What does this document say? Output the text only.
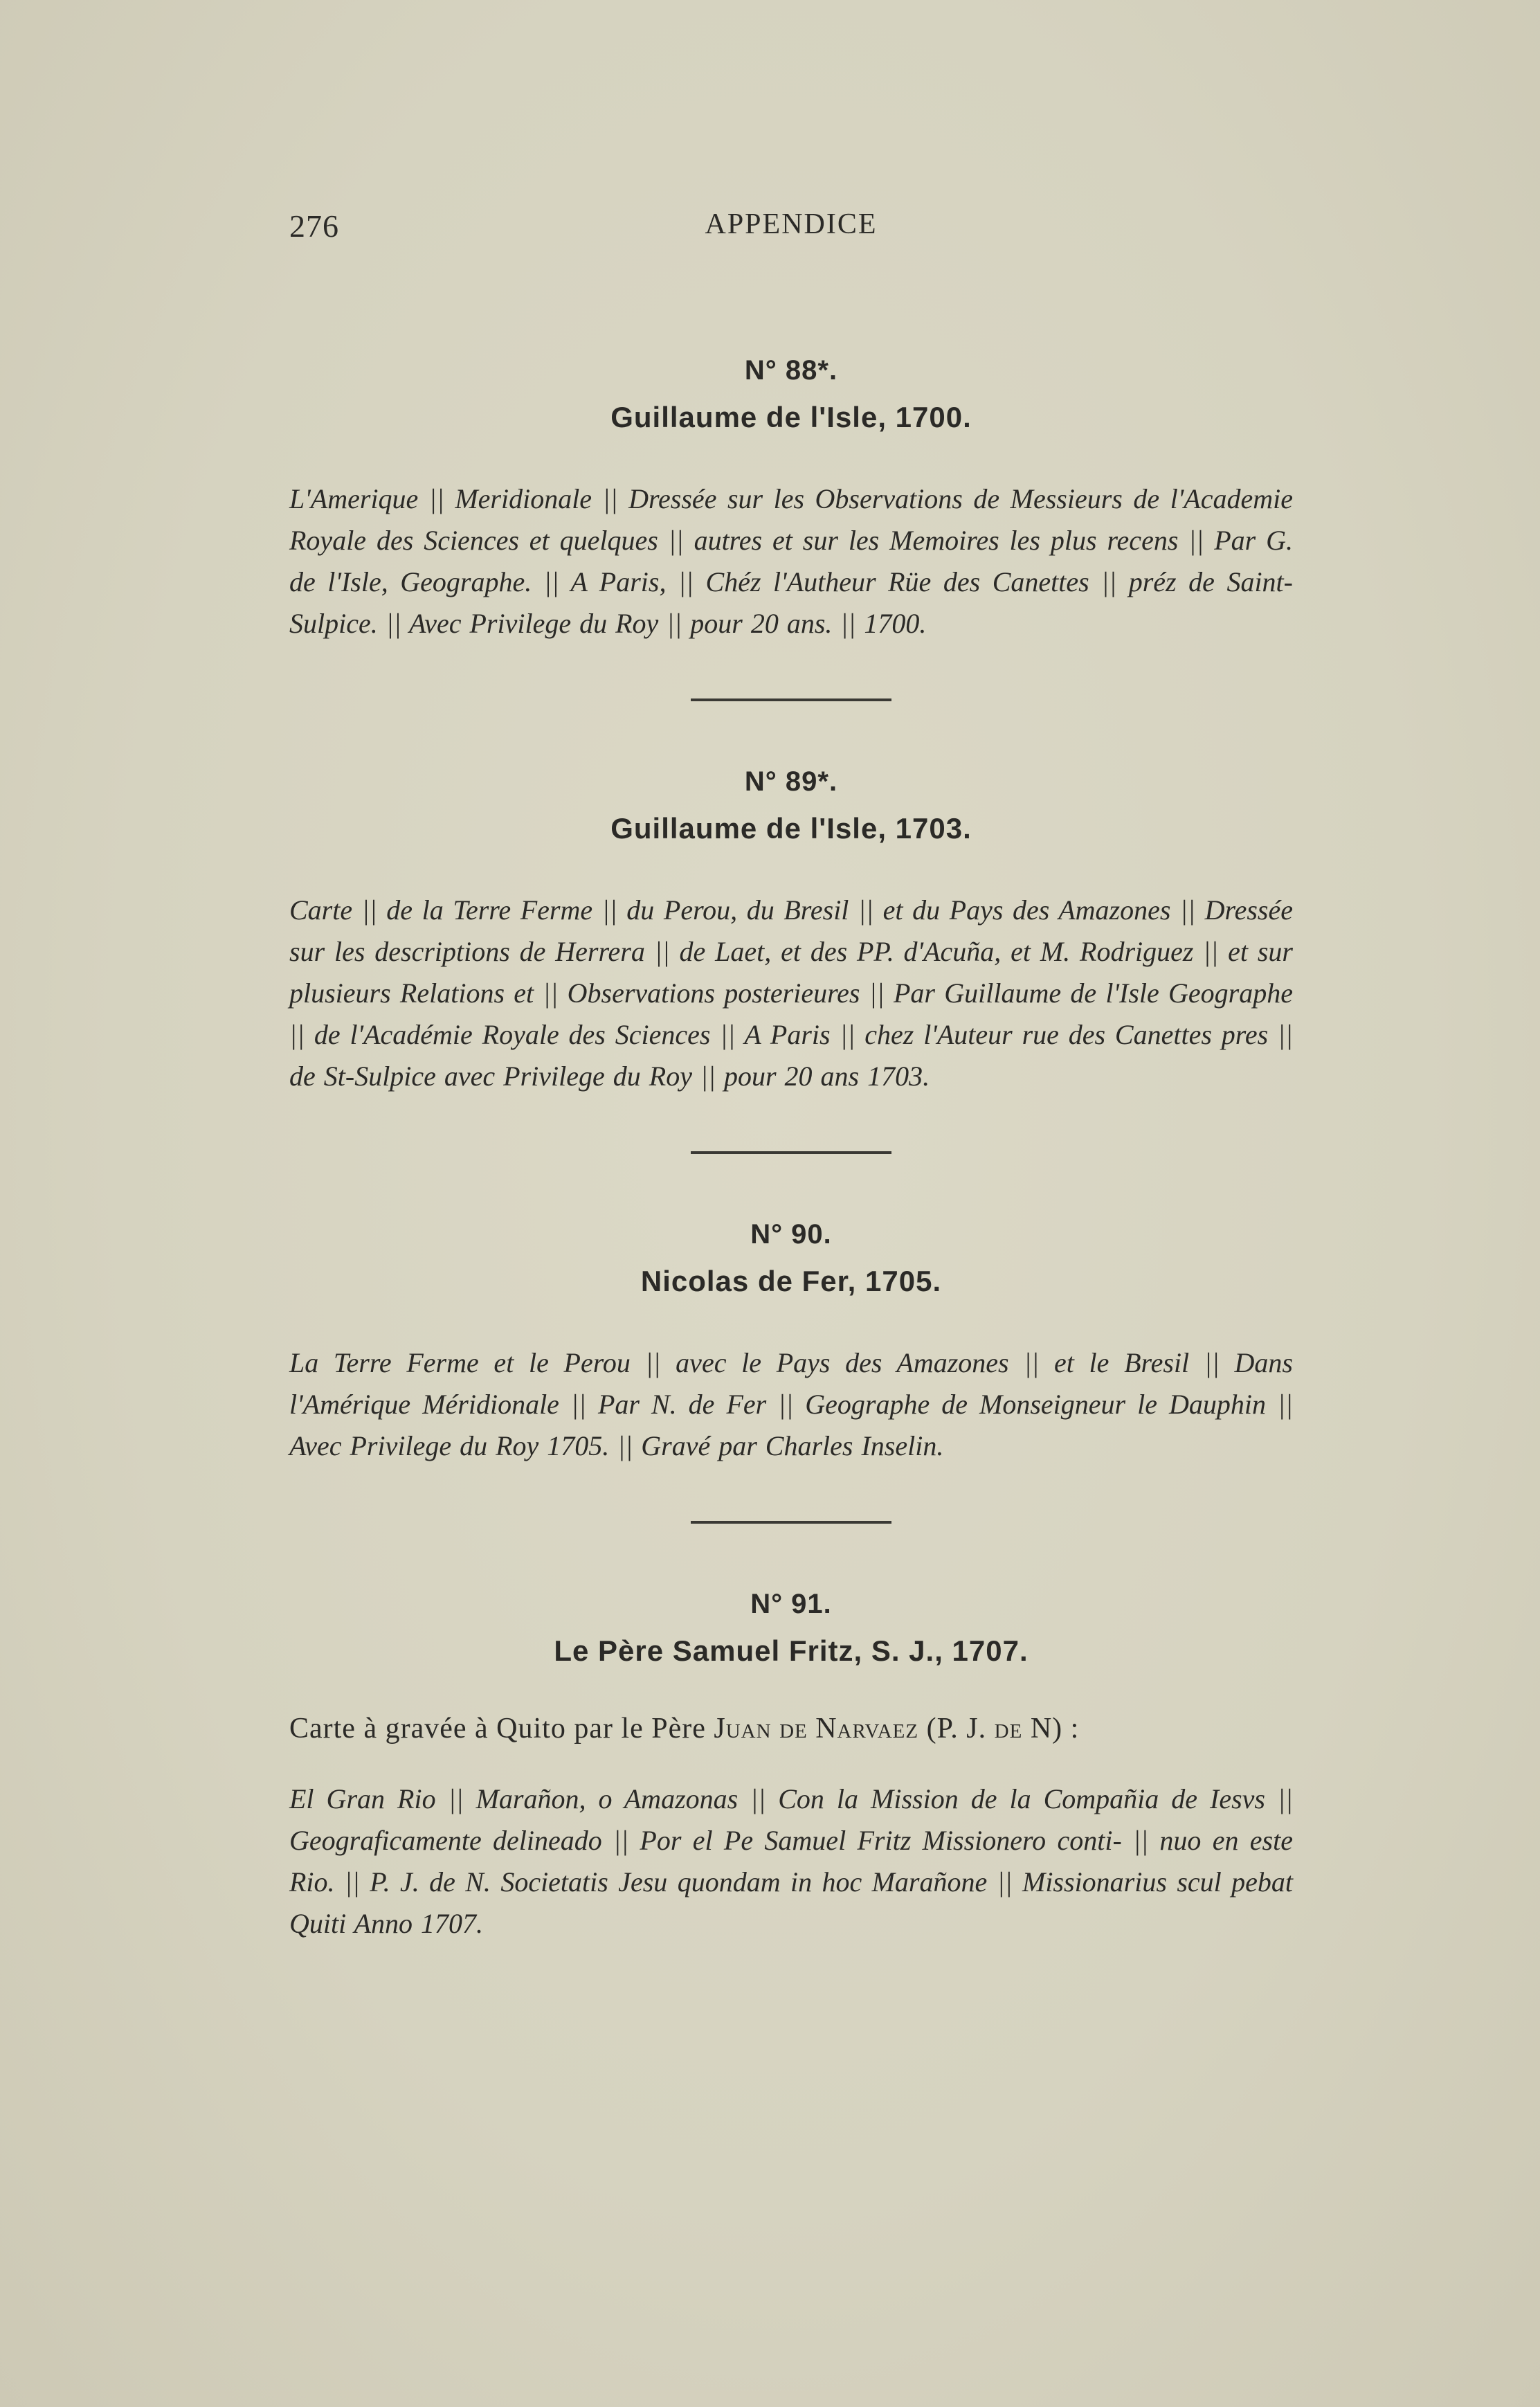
276	APPENDICE
N° 88*.
Guillaume de l'Isle, 1700.

L'Amerique || Meridionale || Dressée sur les Observations de Messieurs de l'Academie Royale des Sciences et quelques || autres et sur les Memoires les plus recens || Par G. de l'Isle, Geographe. || A Paris, || Chéz l'Autheur Rüe des Canettes || préz de Saint-Sulpice. || Avec Privilege du Roy || pour 20 ans. || 1700.

N° 89*.
Guillaume de l'Isle, 1703.

Carte || de la Terre Ferme || du Perou, du Bresil || et du Pays des Amazones || Dressée sur les descriptions de Herrera || de Laet, et des PP. d'Acuña, et M. Rodriguez || et sur plusieurs Relations et || Observations posterieures || Par Guillaume de l'Isle Geographe || de l'Académie Royale des Sciences || A Paris || chez l'Auteur rue des Canettes pres || de St-Sulpice avec Privilege du Roy || pour 20 ans 1703.

N° 90.
Nicolas de Fer, 1705.

La Terre Ferme et le Perou || avec le Pays des Amazones || et le Bresil || Dans l'Amérique Méridionale || Par N. de Fer || Geographe de Monseigneur le Dauphin || Avec Privilege du Roy 1705. || Gravé par Charles Inselin.

N° 91.
Le Père Samuel Fritz, S. J., 1707.

Carte à gravée à Quito par le Père Juan de Narvaez (P. J. de N) :

El Gran Rio || Marañon, o Amazonas || Con la Mission de la Compañia de Iesvs || Geograficamente delineado || Por el Pe Samuel Fritz Missionero conti- || nuo en este Rio. || P. J. de N. Societatis Jesu quondam in hoc Marañone || Missionarius scul pebat Quiti Anno 1707.
